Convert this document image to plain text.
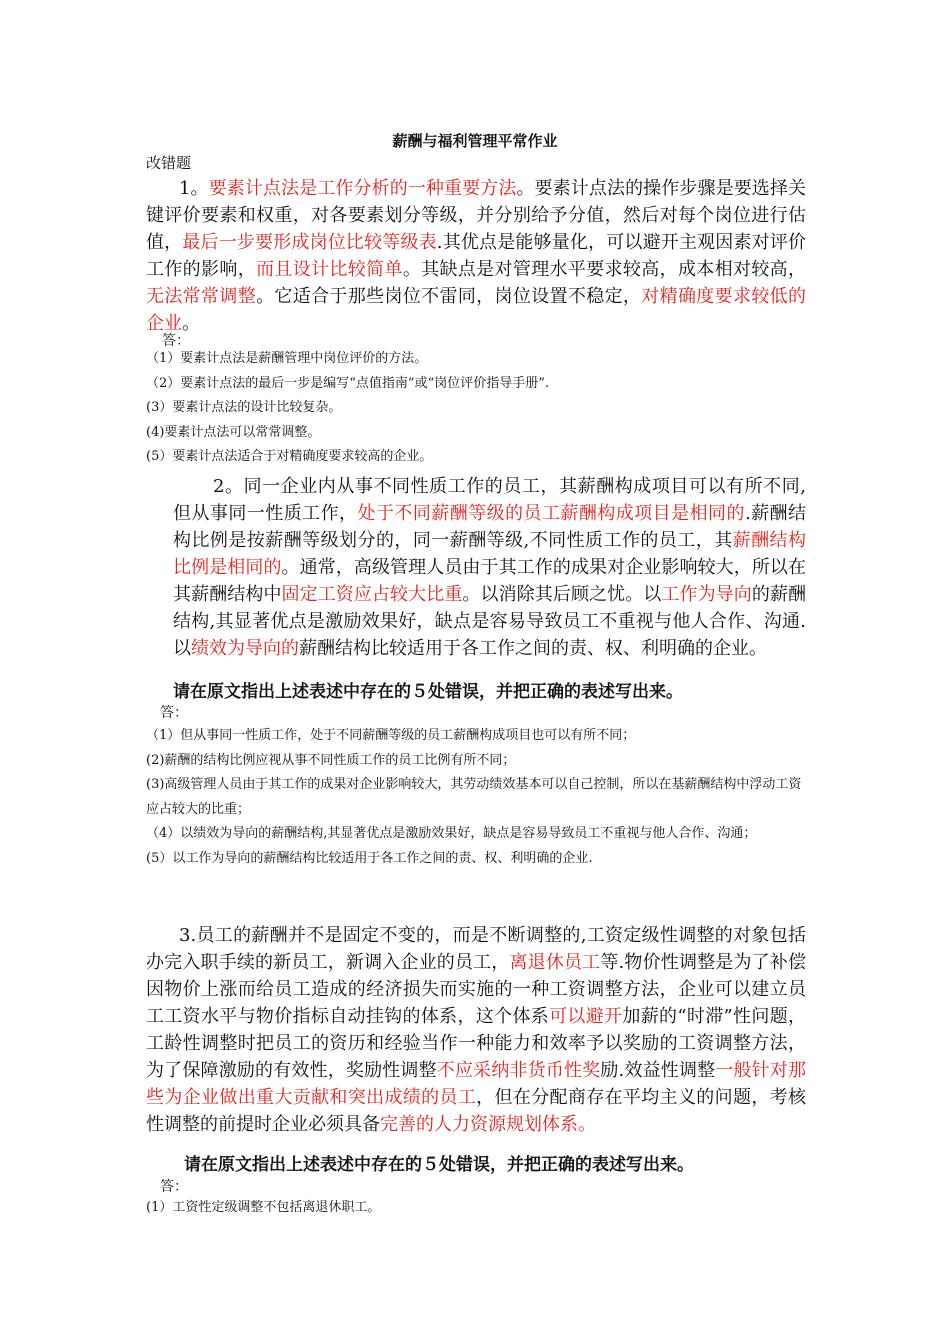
薪酬与福利管理平常作业
改错题
1。要素计点法是工作分析的一种重要方法。要素计点法的操作步骤是要选择关键评价要素和权重，对各要素划分等级，并分别给予分值，然后对每个岗位进行估值，最后一步要形成岗位比较等级表.其优点是能够量化，可以避开主观因素对评价工作的影响，而且设计比较简单。其缺点是对管理水平要求较高，成本相对较高，无法常常调整。它适合于那些岗位不雷同，岗位设置不稳定，对精确度要求较低的企业。
答：

（1）要素计点法是薪酬管理中岗位评价的方法。

（2）要素计点法的最后一步是编写“点值指南”或“岗位评价指导手册”.

(3）要素计点法的设计比较复杂。

(4)要素计点法可以常常调整。

(5）要素计点法适合于对精确度要求较高的企业。

2。同一企业内从事不同性质工作的员工，其薪酬构成项目可以有所不同,但从事同一性质工作，处于不同薪酬等级的员工薪酬构成项目是相同的.薪酬结构比例是按薪酬等级划分的，同一薪酬等级,不同性质工作的员工，其薪酬结构比例是相同的。通常，高级管理人员由于其工作的成果对企业影响较大，所以在其薪酬结构中固定工资应占较大比重。以消除其后顾之忧。以工作为导向的薪酬结构,其显著优点是激励效果好，缺点是容易导致员工不重视与他人合作、沟通.以绩效为导向的薪酬结构比较适用于各工作之间的责、权、利明确的企业。
请在原文指出上述表述中存在的５处错误，并把正确的表述写出来。
答：

（1）但从事同一性质工作，处于不同薪酬等级的员工薪酬构成项目也可以有所不同；

(2)薪酬的结构比例应视从事不同性质工作的员工比例有所不同；

(3)高级管理人员由于其工作的成果对企业影响较大，其劳动绩效基本可以自己控制，所以在基薪酬结构中浮动工资应占较大的比重；

（4）以绩效为导向的薪酬结构,其显著优点是激励效果好，缺点是容易导致员工不重视与他人合作、沟通；

(5）以工作为导向的薪酬结构比较适用于各工作之间的责、权、利明确的企业.

3.员工的薪酬并不是固定不变的，而是不断调整的,工资定级性调整的对象包括办完入职手续的新员工，新调入企业的员工，离退休员工等.物价性调整是为了补偿因物价上涨而给员工造成的经济损失而实施的一种工资调整方法，企业可以建立员工工资水平与物价指标自动挂钩的体系，这个体系可以避开加薪的“时滞”性问题，工龄性调整时把员工的资历和经验当作一种能力和效率予以奖励的工资调整方法，为了保障激励的有效性，奖励性调整不应采纳非货币性奖励.效益性调整一般针对那些为企业做出重大贡献和突出成绩的员工，但在分配商存在平均主义的问题，考核性调整的前提时企业必须具备完善的人力资源规划体系。
请在原文指出上述表述中存在的５处错误，并把正确的表述写出来。
答：

(1）工资性定级调整不包括离退休职工。
